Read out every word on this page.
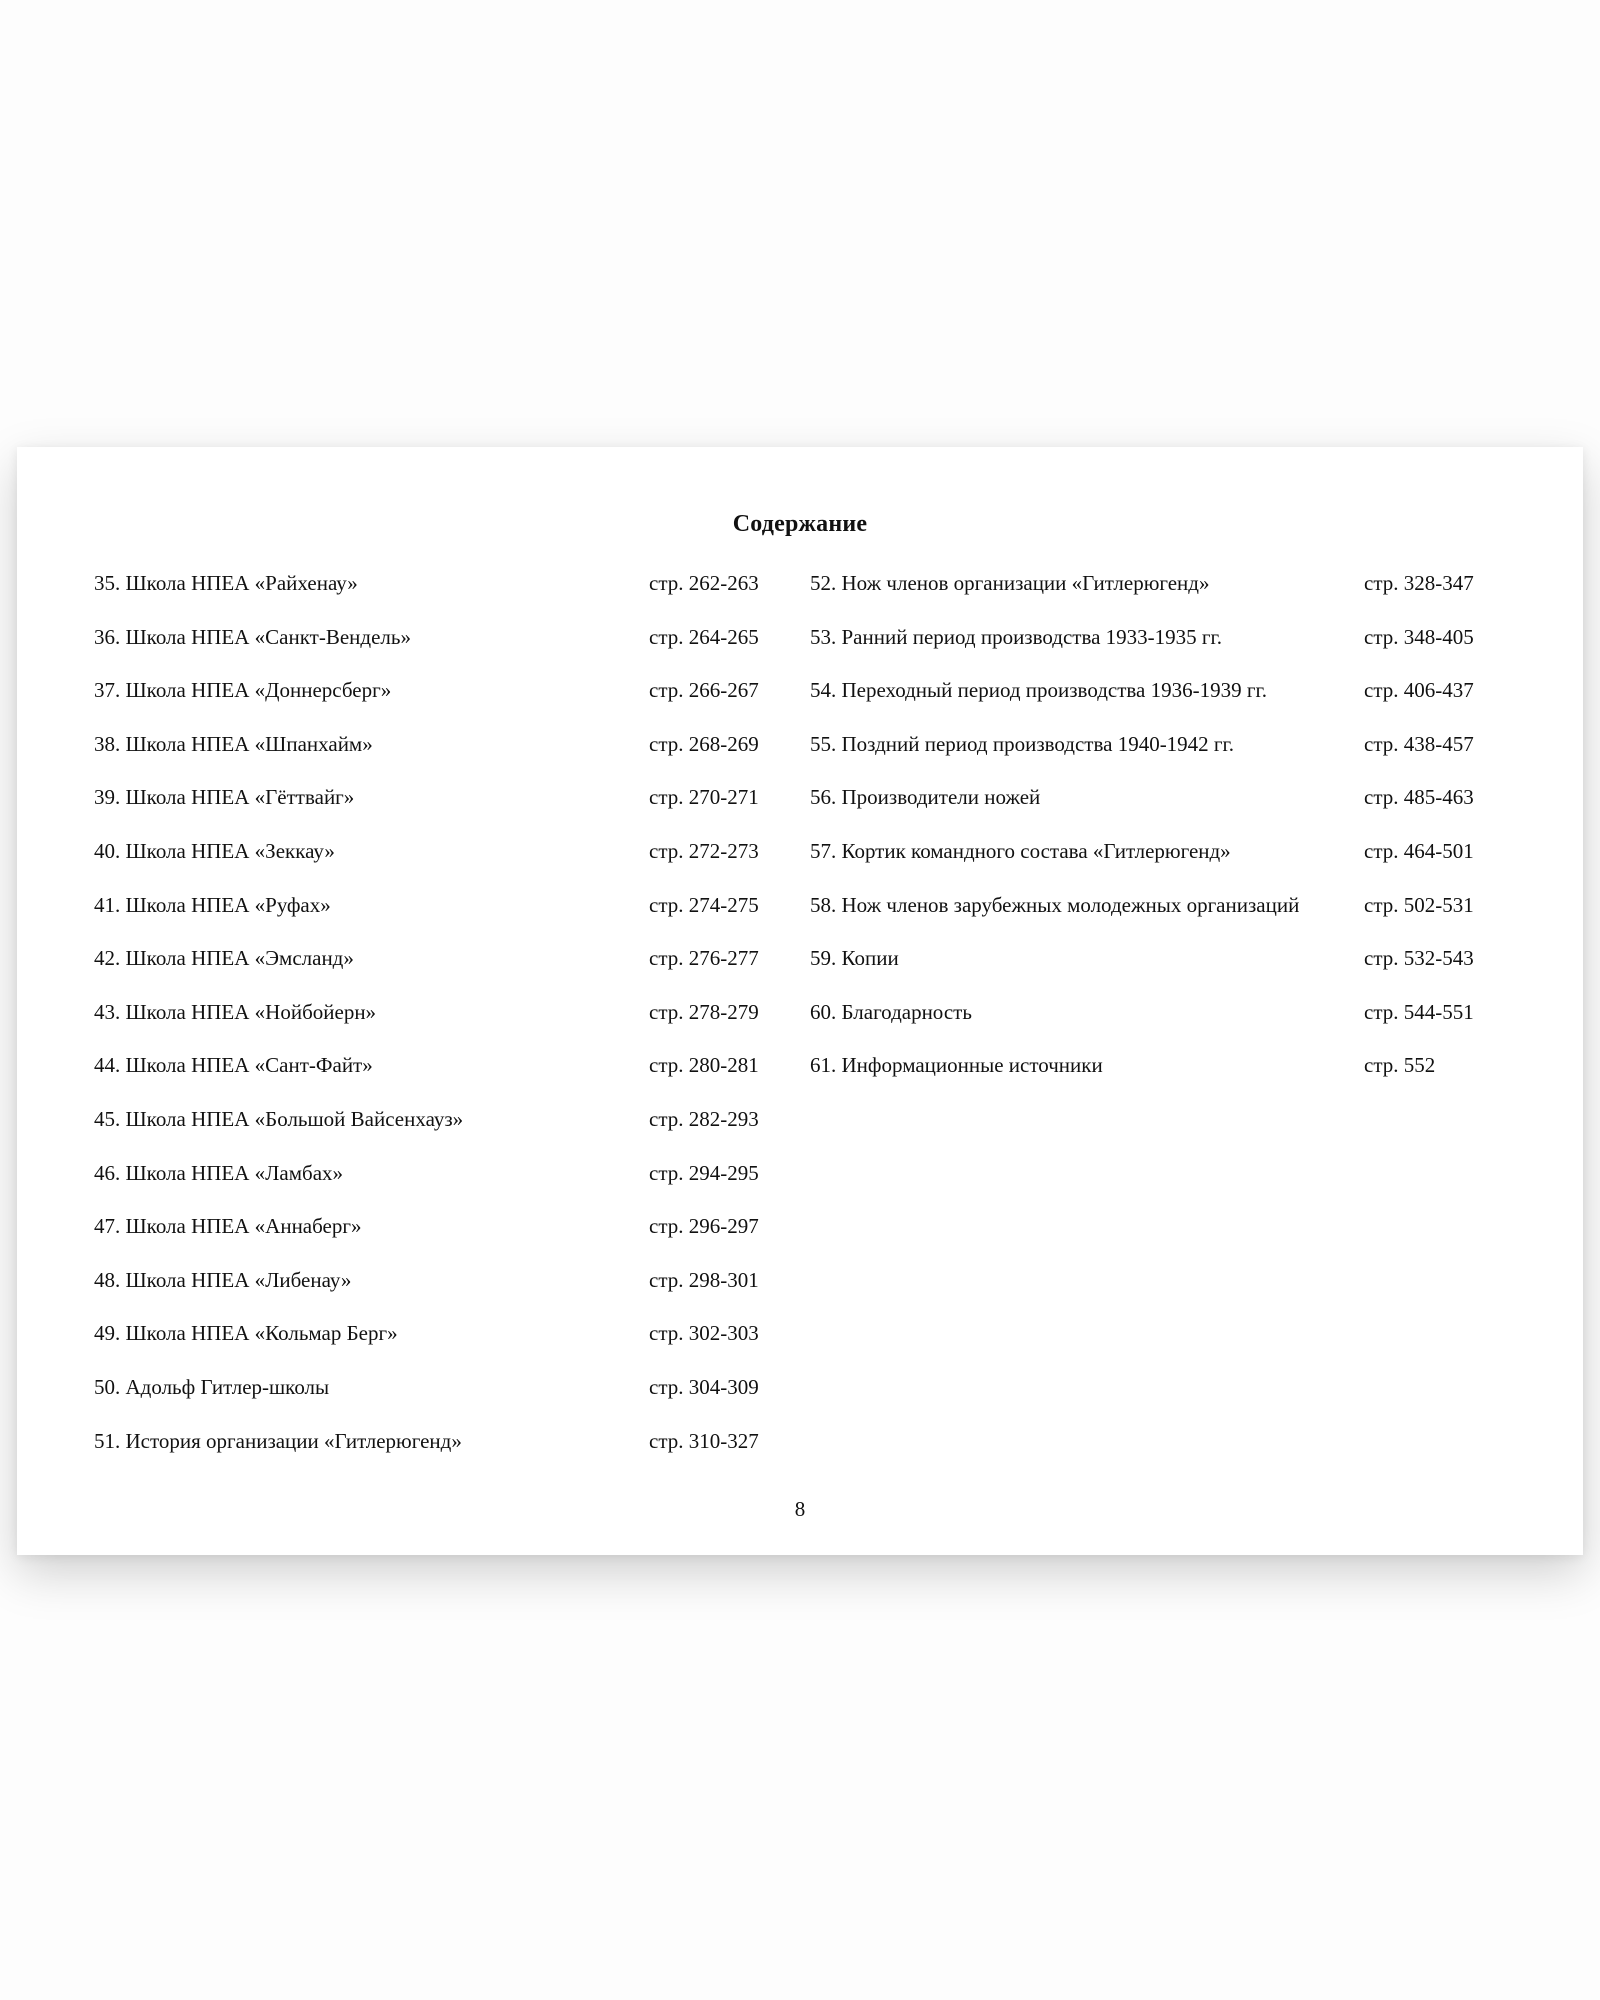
Содержание
35. Школа НПЕА «Райхенау»	стр. 262-263
36. Школа НПЕА «Санкт-Вендель»	стр. 264-265
37. Школа НПЕА «Доннерсберг»	стр. 266-267
38. Школа НПЕА «Шпанхайм»	стр. 268-269
39. Школа НПЕА «Гёттвайг»	стр. 270-271
40. Школа НПЕА «Зеккау»	стр. 272-273
41. Школа НПЕА «Руфах»	стр. 274-275
42. Школа НПЕА «Эмсланд»	стр. 276-277
43. Школа НПЕА «Нойбойерн»	стр. 278-279
44. Школа НПЕА «Сант-Файт»	стр. 280-281
45. Школа НПЕА «Большой Вайсенхауз»	стр. 282-293
46. Школа НПЕА «Ламбах»	стр. 294-295
47. Школа НПЕА «Аннаберг»	стр. 296-297
48. Школа НПЕА «Либенау»	стр. 298-301
49. Школа НПЕА «Кольмар Берг»	стр. 302-303
50. Адольф Гитлер-школы	стр. 304-309
51. История организации «Гитлерюгенд»	стр. 310-327
52. Нож членов организации «Гитлерюгенд»	стр. 328-347
53. Ранний период производства 1933-1935 гг.	стр. 348-405
54. Переходный период производства 1936-1939 гг.	стр. 406-437
55. Поздний период производства 1940-1942 гг.	стр. 438-457
56. Производители ножей	стр. 485-463
57. Кортик командного состава «Гитлерюгенд»	стр. 464-501
58. Нож членов зарубежных молодежных организаций	стр. 502-531
59. Копии	стр. 532-543
60. Благодарность	стр. 544-551
61. Информационные источники	стр. 552
8
